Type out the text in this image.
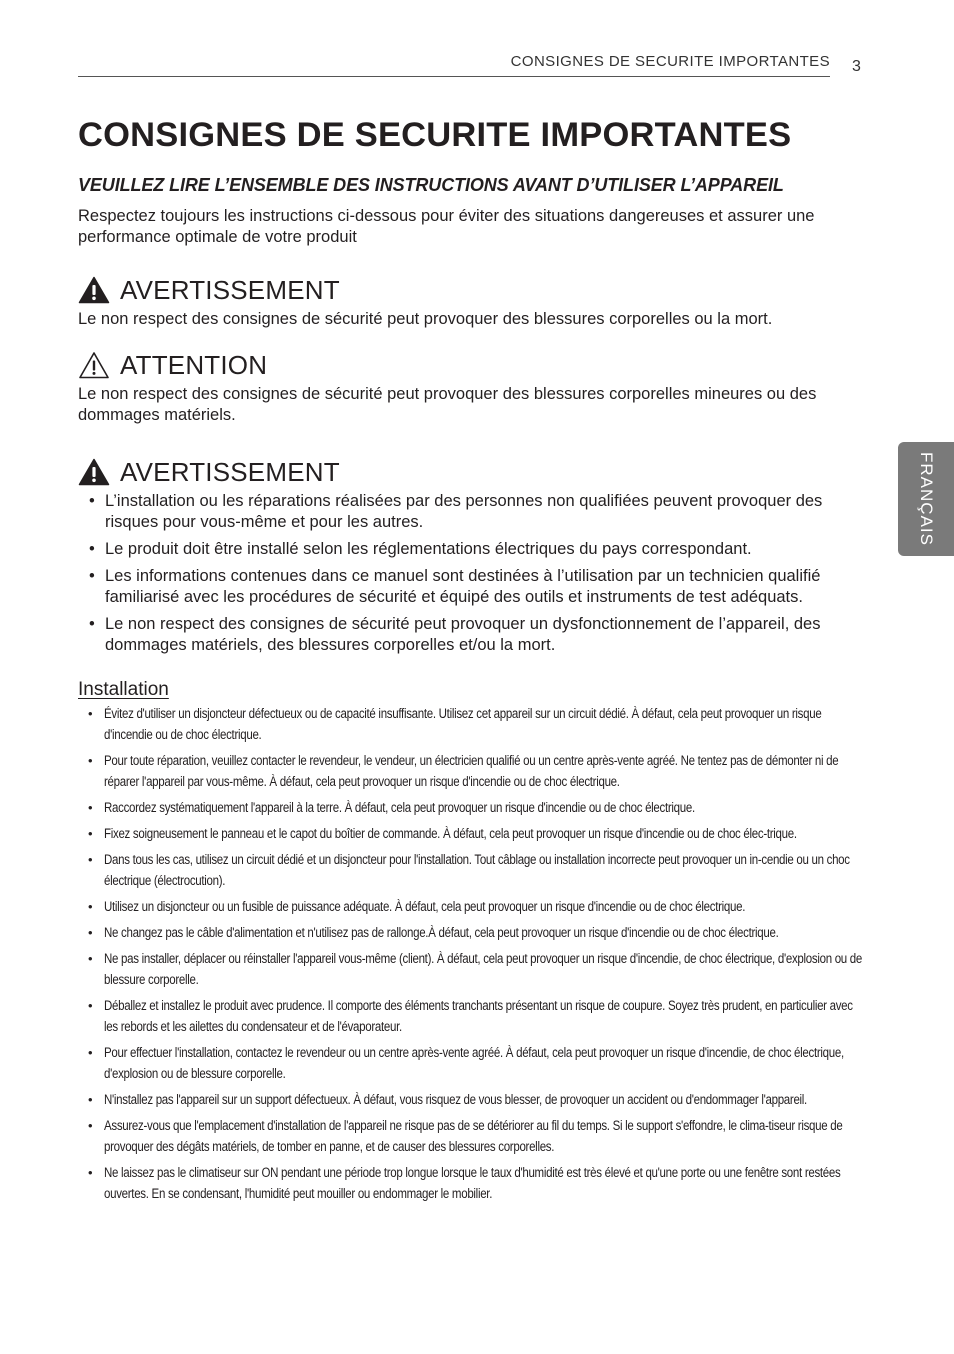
CONSIGNES DE SECURITE IMPORTANTES 3
FRANÇAIS
CONSIGNES DE SECURITE IMPORTANTES

VEUILLEZ LIRE L’ENSEMBLE DES INSTRUCTIONS AVANT D’UTILISER L’APPAREIL

Respectez toujours les instructions ci-dessous pour éviter des situations dangereuses et assurer une performance optimale de votre produit

AVERTISSEMENT

Le non respect des consignes de sécurité peut provoquer des blessures corporelles ou la mort.

ATTENTION

Le non respect des consignes de sécurité peut provoquer des blessures corporelles mineures ou des dommages matériels.

AVERTISSEMENT
• L’installation ou les réparations réalisées par des personnes non qualifiées peuvent provoquer des risques pour vous-même et pour les autres.
• Le produit doit être installé selon les réglementations électriques du pays correspondant.
• Les informations contenues dans ce manuel sont destinées à l’utilisation par un technicien qualifié familiarisé avec les procédures de sécurité et équipé des outils et instruments de test adéquats.
• Le non respect des consignes de sécurité peut provoquer un dysfonctionnement de l’appareil, des dommages matériels, des blessures corporelles et/ou la mort.
Installation
• Évitez d'utiliser un disjoncteur défectueux ou de capacité insuffisante. Utilisez cet appareil sur un circuit dédié. À défaut, cela peut provoquer un risque d'incendie ou de choc électrique.
• Pour toute réparation, veuillez contacter le revendeur, le vendeur, un électricien qualifié ou un centre après-vente agréé. Ne tentez pas de démonter ni de réparer l'appareil par vous-même. À défaut, cela peut provoquer un risque d'incendie ou de choc électrique.
• Raccordez systématiquement l'appareil à la terre. À défaut, cela peut provoquer un risque d'incendie ou de choc électrique.
• Fixez soigneusement le panneau et le capot du boîtier de commande. À défaut, cela peut provoquer un risque d'incendie ou de choc élec-trique.
• Dans tous les cas, utilisez un circuit dédié et un disjoncteur pour l'installation. Tout câblage ou installation incorrecte peut provoquer un in-cendie ou un choc électrique (électrocution).
• Utilisez un disjoncteur ou un fusible de puissance adéquate. À défaut, cela peut provoquer un risque d'incendie ou de choc électrique.
• Ne changez pas le câble d'alimentation et n'utilisez pas de rallonge.À défaut, cela peut provoquer un risque d'incendie ou de choc électrique.
• Ne pas installer, déplacer ou réinstaller l'appareil vous-même (client). À défaut, cela peut provoquer un risque d'incendie, de choc électrique, d'explosion ou de blessure corporelle.
• Déballez et installez le produit avec prudence. Il comporte des éléments tranchants présentant un risque de coupure. Soyez très prudent, en particulier avec les rebords et les ailettes du condensateur et de l'évaporateur.
• Pour effectuer l'installation, contactez le revendeur ou un centre après-vente agréé. À défaut, cela peut provoquer un risque d'incendie, de choc électrique, d'explosion ou de blessure corporelle.
• N'installez pas l'appareil sur un support défectueux. À défaut, vous risquez de vous blesser, de provoquer un accident ou d'endommager l'appareil.
• Assurez-vous que l'emplacement d'installation de l'appareil ne risque pas de se détériorer au fil du temps. Si le support s'effondre, le clima-tiseur risque de provoquer des dégâts matériels, de tomber en panne, et de causer des blessures corporelles.
• Ne laissez pas le climatiseur sur ON pendant une période trop longue lorsque le taux d'humidité est très élevé et qu'une porte ou une fenêtre sont restées ouvertes. En se condensant, l'humidité peut mouiller ou endommager le mobilier.
